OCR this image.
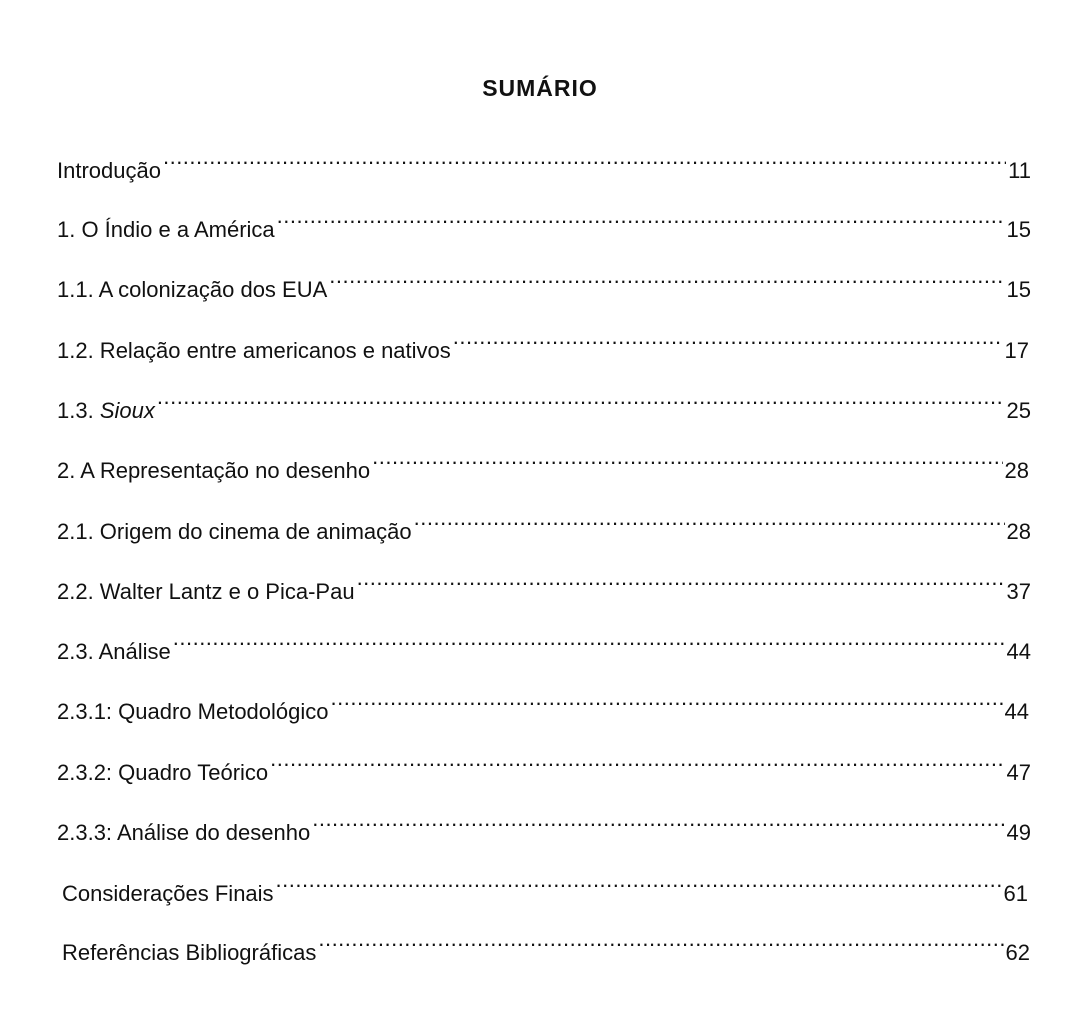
SUMÁRIO
Introdução .....	11
1. O Índio e a América .....	15
1.1. A colonização dos EUA .....	15
1.2. Relação entre americanos e nativos .....	17
1.3. Sioux .....	25
2. A Representação no desenho .....	28
2.1. Origem do cinema de animação .....	28
2.2. Walter Lantz e o Pica-Pau .....	37
2.3. Análise .....	44
2.3.1: Quadro Metodológico .....	44
2.3.2: Quadro Teórico .....	47
2.3.3: Análise do desenho .....	49
Considerações Finais .....	61
Referências Bibliográficas .....	62
